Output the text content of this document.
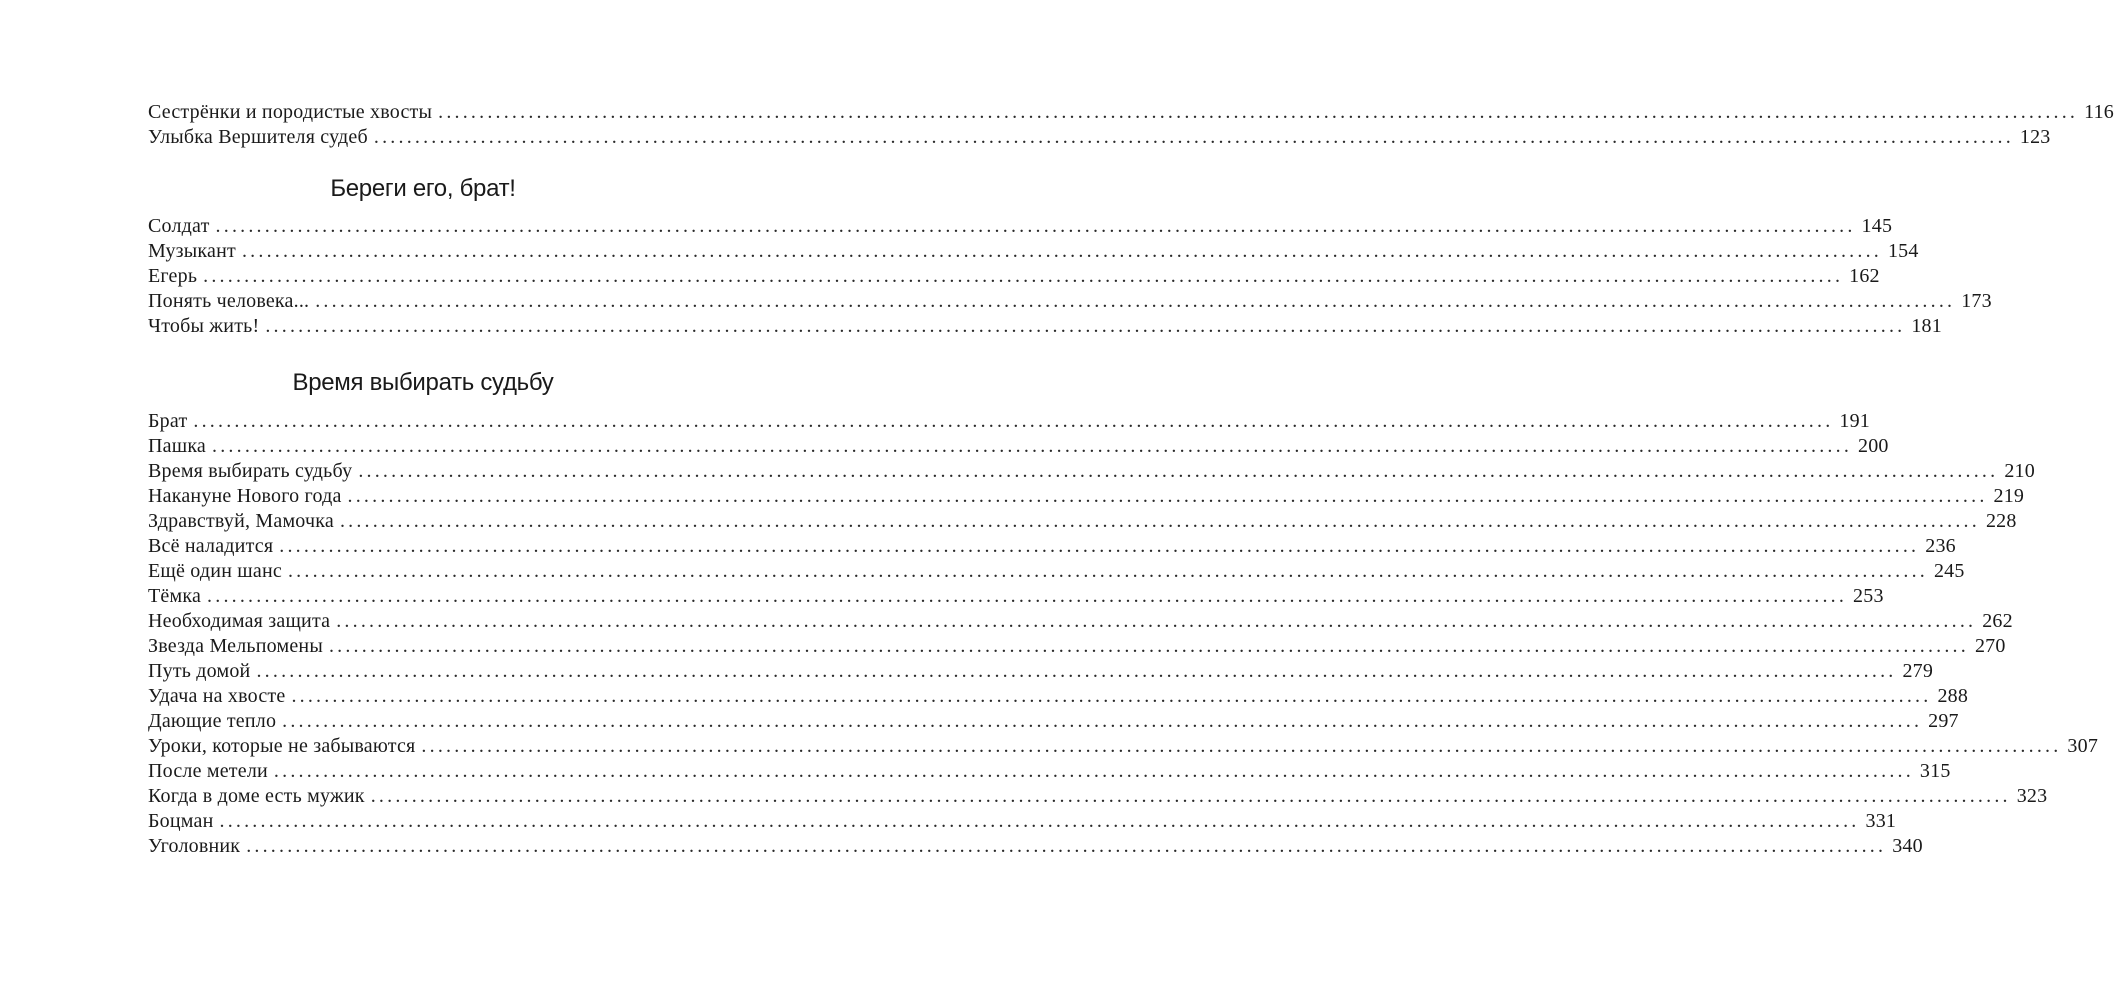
Сестрёнки и породистые хвосты ........................................................................................................................................................................................................ 116
Улыбка Вершителя судеб ........................................................................................................................................................................................................ 123
Береги его, брат!
Солдат ........................................................................................................................................................................................................ 145
Музыкант ........................................................................................................................................................................................................ 154
Егерь ........................................................................................................................................................................................................ 162
Понять человека... ........................................................................................................................................................................................................ 173
Чтобы жить! ........................................................................................................................................................................................................ 181
Время выбирать судьбу
Брат ........................................................................................................................................................................................................ 191
Пашка ........................................................................................................................................................................................................ 200
Время выбирать судьбу ........................................................................................................................................................................................................ 210
Накануне Нового года ........................................................................................................................................................................................................ 219
Здравствуй, Мамочка ........................................................................................................................................................................................................ 228
Всё наладится ........................................................................................................................................................................................................ 236
Ещё один шанс ........................................................................................................................................................................................................ 245
Тёмка ........................................................................................................................................................................................................ 253
Необходимая защита ........................................................................................................................................................................................................ 262
Звезда Мельпомены ........................................................................................................................................................................................................ 270
Путь домой ........................................................................................................................................................................................................ 279
Удача на хвосте ........................................................................................................................................................................................................ 288
Дающие тепло ........................................................................................................................................................................................................ 297
Уроки, которые не забываются ........................................................................................................................................................................................................ 307
После метели ........................................................................................................................................................................................................ 315
Когда в доме есть мужик ........................................................................................................................................................................................................ 323
Боцман ........................................................................................................................................................................................................ 331
Уголовник ........................................................................................................................................................................................................ 340
